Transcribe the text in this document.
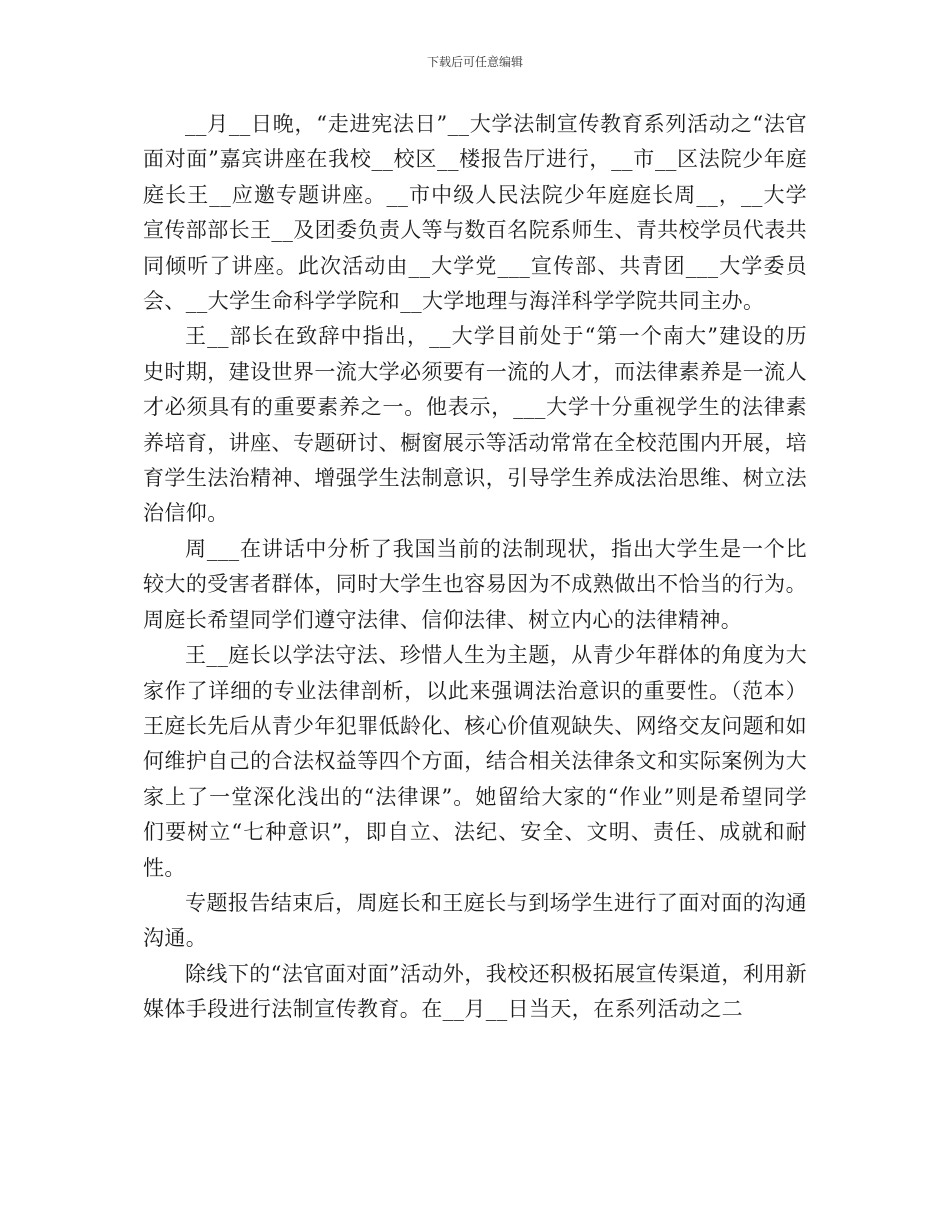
下载后可任意编辑

__月__日晚，“走进宪法日”__大学法制宣传教育系列活动之“法官面对面”嘉宾讲座在我校__校区__楼报告厅进行，__市__区法院少年庭庭长王__应邀专题讲座。__市中级人民法院少年庭庭长周__，__大学宣传部部长王__及团委负责人等与数百名院系师生、青共校学员代表共同倾听了讲座。此次活动由__大学党___宣传部、共青团___大学委员会、__大学生命科学学院和__大学地理与海洋科学学院共同主办。

王__部长在致辞中指出，__大学目前处于“第一个南大”建设的历史时期，建设世界一流大学必须要有一流的人才，而法律素养是一流人才必须具有的重要素养之一。他表示，___大学十分重视学生的法律素养培育，讲座、专题研讨、橱窗展示等活动常常在全校范围内开展，培育学生法治精神、增强学生法制意识，引导学生养成法治思维、树立法治信仰。

周___在讲话中分析了我国当前的法制现状，指出大学生是一个比较大的受害者群体，同时大学生也容易因为不成熟做出不恰当的行为。周庭长希望同学们遵守法律、信仰法律、树立内心的法律精神。

王__庭长以学法守法、珍惜人生为主题，从青少年群体的角度为大家作了详细的专业法律剖析，以此来强调法治意识的重要性。（范本）王庭长先后从青少年犯罪低龄化、核心价值观缺失、网络交友问题和如何维护自己的合法权益等四个方面，结合相关法律条文和实际案例为大家上了一堂深化浅出的“法律课”。她留给大家的“作业”则是希望同学们要树立“七种意识”，即自立、法纪、安全、文明、责任、成就和耐性。

专题报告结束后，周庭长和王庭长与到场学生进行了面对面的沟通沟通。

除线下的“法官面对面”活动外，我校还积极拓展宣传渠道，利用新媒体手段进行法制宣传教育。在__月__日当天，在系列活动之二
